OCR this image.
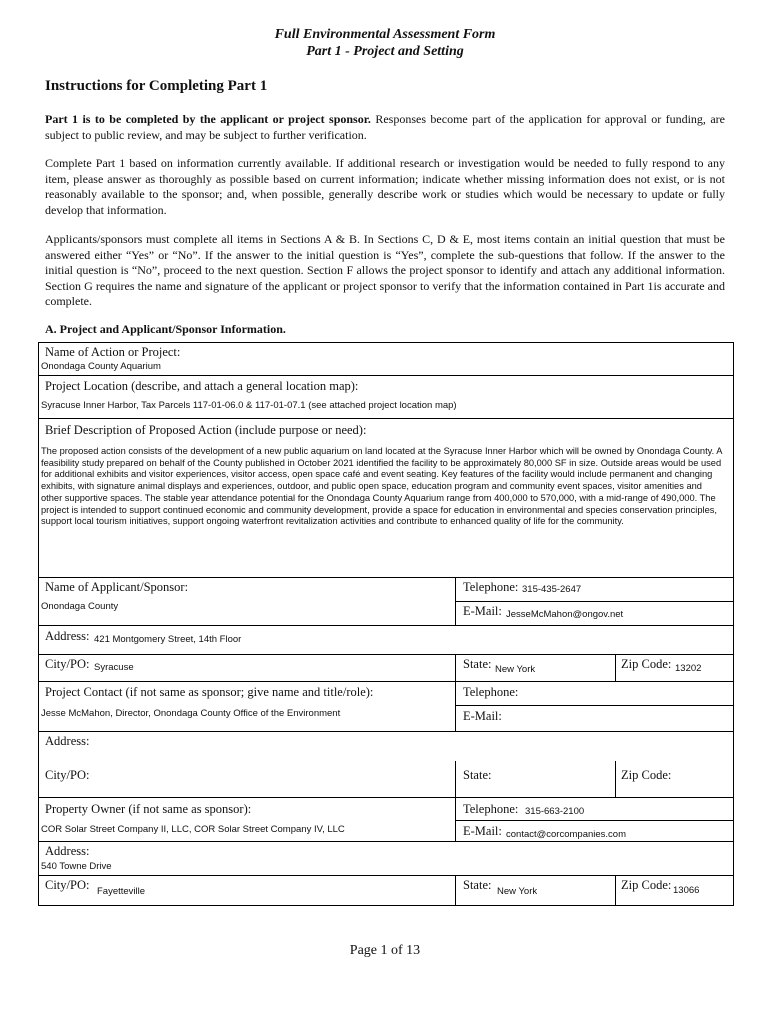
Full Environmental Assessment Form
Part 1 - Project and Setting
Instructions for Completing Part 1
Part 1 is to be completed by the applicant or project sponsor. Responses become part of the application for approval or funding, are subject to public review, and may be subject to further verification.
Complete Part 1 based on information currently available. If additional research or investigation would be needed to fully respond to any item, please answer as thoroughly as possible based on current information; indicate whether missing information does not exist, or is not reasonably available to the sponsor; and, when possible, generally describe work or studies which would be necessary to update or fully develop that information.
Applicants/sponsors must complete all items in Sections A & B. In Sections C, D & E, most items contain an initial question that must be answered either “Yes” or “No”. If the answer to the initial question is “Yes”, complete the sub-questions that follow. If the answer to the initial question is “No”, proceed to the next question. Section F allows the project sponsor to identify and attach any additional information. Section G requires the name and signature of the applicant or project sponsor to verify that the information contained in Part 1is accurate and complete.
A. Project and Applicant/Sponsor Information.
Name of Action or Project:
Onondaga County Aquarium
Project Location (describe, and attach a general location map):
Syracuse Inner Harbor, Tax Parcels 117-01-06.0 & 117-01-07.1 (see attached project location map)
Brief Description of Proposed Action (include purpose or need):
The proposed action consists of the development of a new public aquarium on land located at the Syracuse Inner Harbor which will be owned by Onondaga County. A feasibility study prepared on behalf of the County published in October 2021 identified the facility to be approximately 80,000 SF in size. Outside areas would be used for additional exhibits and visitor experiences, visitor access, open space café and event seating. Key features of the facility would include permanent and changing exhibits, with signature animal displays and experiences, outdoor, and public open space, education program and community event spaces, visitor amenities and other supportive spaces. The stable year attendance potential for the Onondaga County Aquarium range from 400,000 to 570,000, with a mid-range of 490,000. The project is intended to support continued economic and community development, provide a space for education in environmental and species conservation principles, support local tourism initiatives, support ongoing waterfront revitalization activities and contribute to enhanced quality of life for the community.
Name of Applicant/Sponsor:
Onondaga County
Telephone: 315-435-2647
E-Mail: JesseMcMahon@ongov.net
Address: 421 Montgomery Street, 14th Floor
City/PO: Syracuse	State: New York	Zip Code: 13202
Project Contact (if not same as sponsor; give name and title/role):
Jesse McMahon, Director, Onondaga County Office of the Environment
Telephone:
E-Mail:
Address:
City/PO:	State:	Zip Code:
Property Owner (if not same as sponsor):
COR Solar Street Company II, LLC, COR Solar Street Company IV, LLC
Telephone: 315-663-2100
E-Mail: contact@corcompanies.com
Address:
540 Towne Drive
City/PO: Fayetteville	State: New York	Zip Code: 13066
Page 1 of 13
